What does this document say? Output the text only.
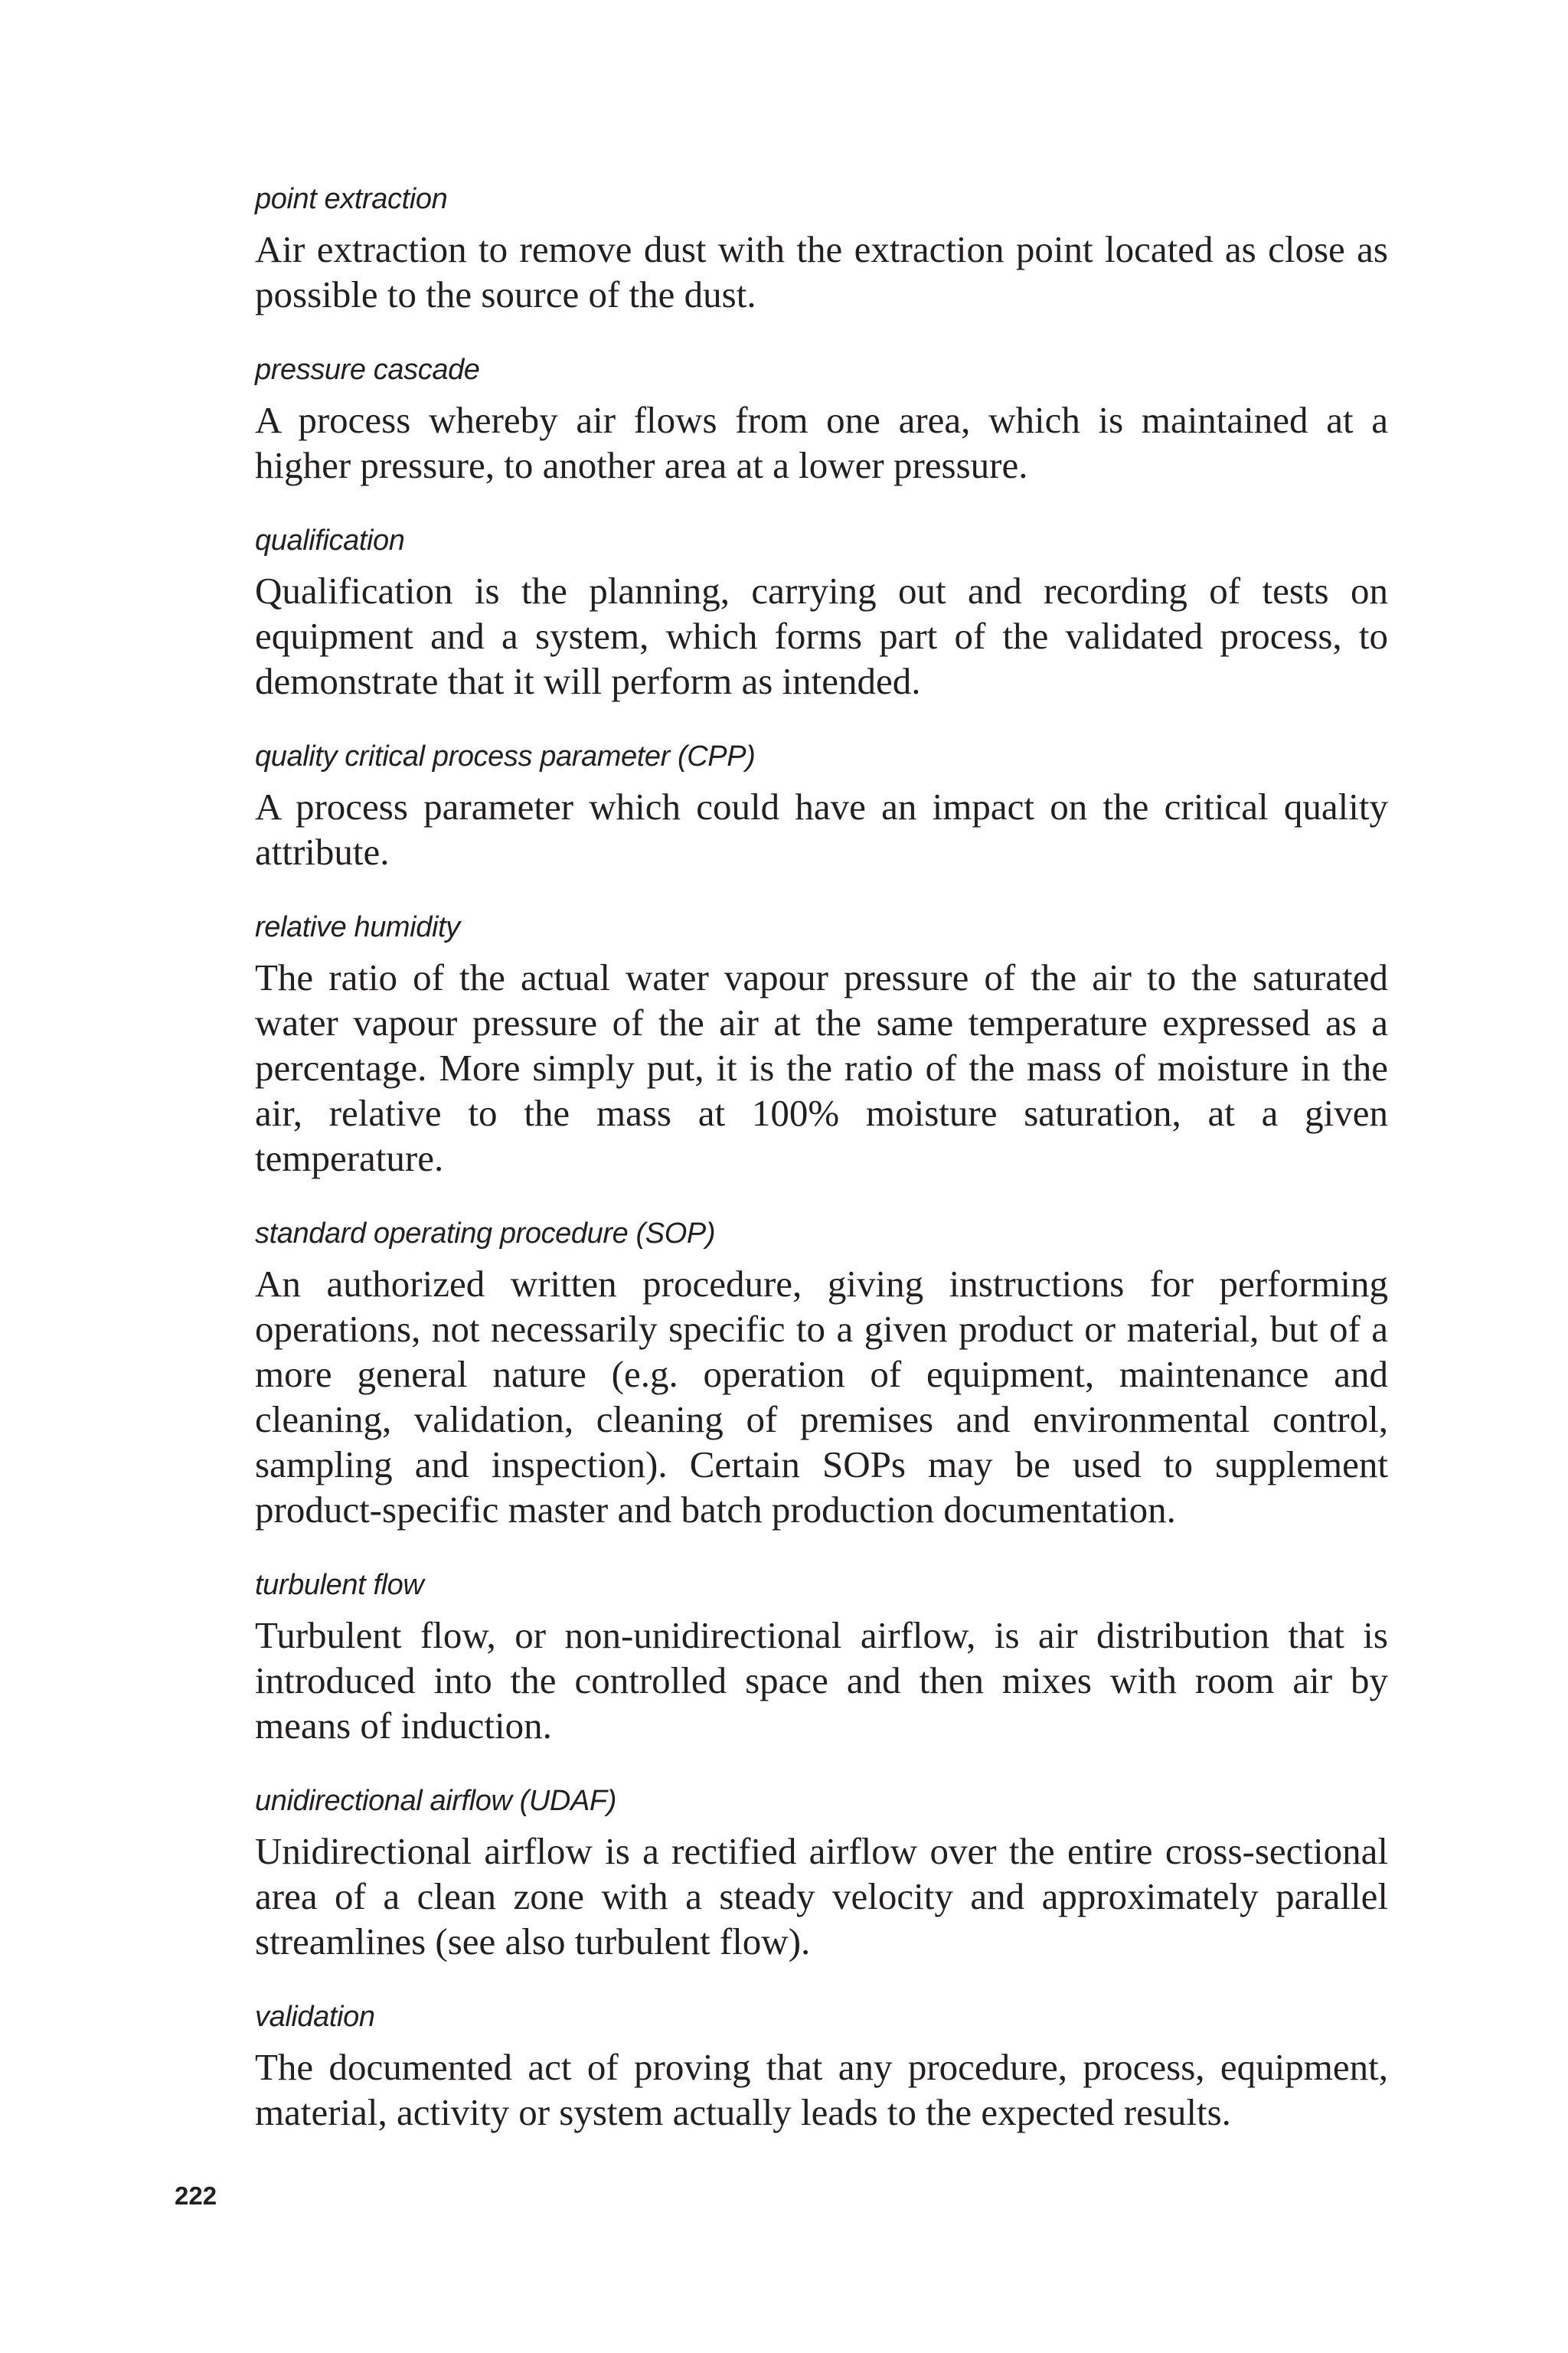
point extraction

Air extraction to remove dust with the extraction point located as close as possible to the source of the dust.

pressure cascade

A process whereby air flows from one area, which is maintained at a higher pressure, to another area at a lower pressure.

qualification

Qualification is the planning, carrying out and recording of tests on equipment and a system, which forms part of the validated process, to demonstrate that it will perform as intended.

quality critical process parameter (CPP)

A process parameter which could have an impact on the critical quality attribute.

relative humidity

The ratio of the actual water vapour pressure of the air to the saturated water vapour pressure of the air at the same temperature expressed as a percentage. More simply put, it is the ratio of the mass of moisture in the air, relative to the mass at 100% moisture saturation, at a given temperature.

standard operating procedure (SOP)

An authorized written procedure, giving instructions for performing operations, not necessarily specific to a given product or material, but of a more general nature (e.g. operation of equipment, maintenance and cleaning, validation, cleaning of premises and environmental control, sampling and inspection). Certain SOPs may be used to supplement product-specific master and batch production documentation.

turbulent flow

Turbulent flow, or non-unidirectional airflow, is air distribution that is introduced into the controlled space and then mixes with room air by means of induction.

unidirectional airflow (UDAF)

Unidirectional airflow is a rectified airflow over the entire cross-sectional area of a clean zone with a steady velocity and approximately parallel streamlines (see also turbulent flow).

validation

The documented act of proving that any procedure, process, equipment, material, activity or system actually leads to the expected results.

222
